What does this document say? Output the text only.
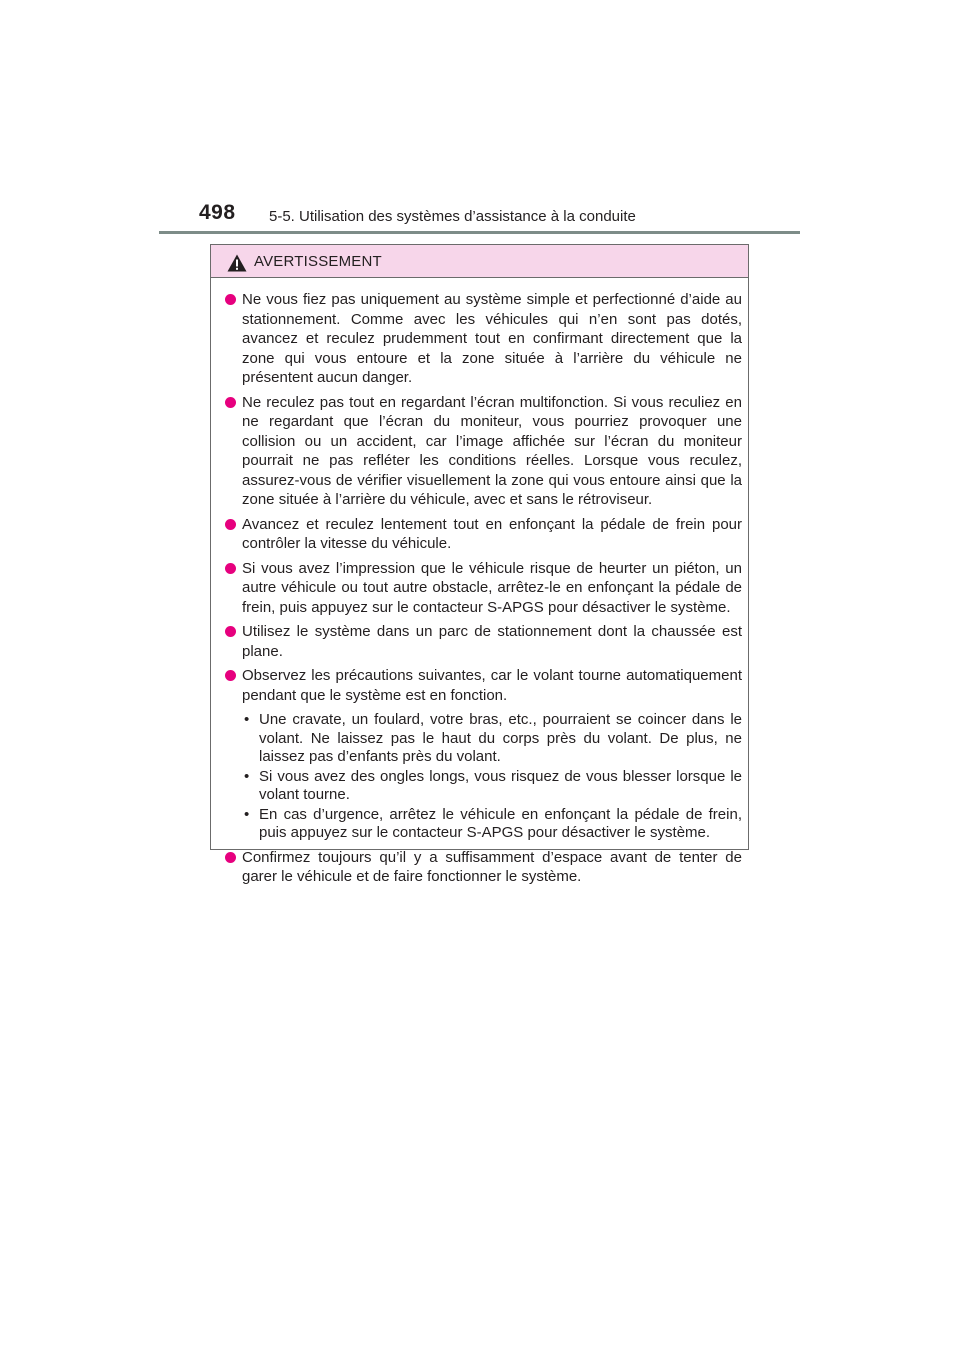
498 5-5. Utilisation des systèmes d’assistance à la conduite
AVERTISSEMENT
Ne vous fiez pas uniquement au système simple et perfectionné d’aide au stationnement. Comme avec les véhicules qui n’en sont pas dotés, avancez et reculez prudemment tout en confirmant directement que la zone qui vous entoure et la zone située à l’arrière du véhicule ne présentent aucun danger.
Ne reculez pas tout en regardant l’écran multifonction. Si vous reculiez en ne regardant que l’écran du moniteur, vous pourriez provoquer une collision ou un accident, car l’image affichée sur l’écran du moniteur pourrait ne pas refléter les conditions réelles. Lorsque vous reculez, assurez-vous de vérifier visuellement la zone qui vous entoure ainsi que la zone située à l’arrière du véhicule, avec et sans le rétroviseur.
Avancez et reculez lentement tout en enfonçant la pédale de frein pour contrôler la vitesse du véhicule.
Si vous avez l’impression que le véhicule risque de heurter un piéton, un autre véhicule ou tout autre obstacle, arrêtez-le en enfonçant la pédale de frein, puis appuyez sur le contacteur S-APGS pour désactiver le système.
Utilisez le système dans un parc de stationnement dont la chaussée est plane.
Observez les précautions suivantes, car le volant tourne automatiquement pendant que le système est en fonction.
• Une cravate, un foulard, votre bras, etc., pourraient se coincer dans le volant. Ne laissez pas le haut du corps près du volant. De plus, ne laissez pas d’enfants près du volant.
• Si vous avez des ongles longs, vous risquez de vous blesser lorsque le volant tourne.
• En cas d’urgence, arrêtez le véhicule en enfonçant la pédale de frein, puis appuyez sur le contacteur S-APGS pour désactiver le système.
Confirmez toujours qu’il y a suffisamment d’espace avant de tenter de garer le véhicule et de faire fonctionner le système.
